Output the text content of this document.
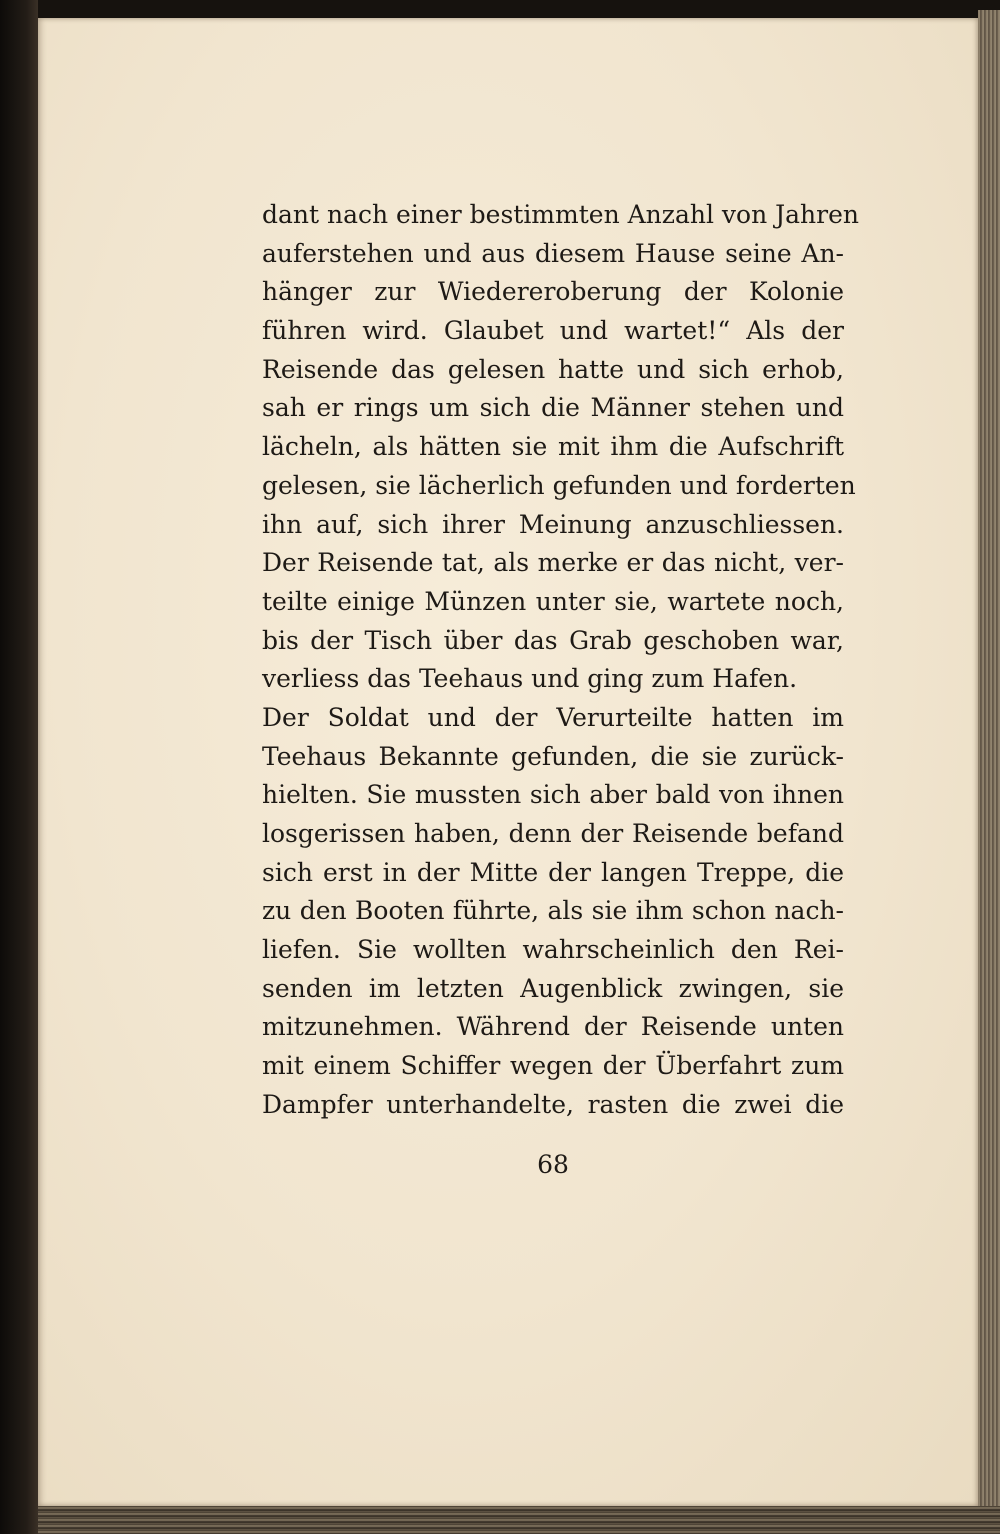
dant nach einer bestimmten Anzahl von Jahren
auferstehen und aus diesem Hause seine An-
hänger zur Wiedereroberung der Kolonie
führen wird. Glaubet und wartet!“ Als der
Reisende das gelesen hatte und sich erhob,
sah er rings um sich die Männer stehen und
lächeln, als hätten sie mit ihm die Aufschrift
gelesen, sie lächerlich gefunden und forderten
ihn auf, sich ihrer Meinung anzuschliessen.
Der Reisende tat, als merke er das nicht, ver-
teilte einige Münzen unter sie, wartete noch,
bis der Tisch über das Grab geschoben war,
verliess das Teehaus und ging zum Hafen.
Der Soldat und der Verurteilte hatten im
Teehaus Bekannte gefunden, die sie zurück-
hielten. Sie mussten sich aber bald von ihnen
losgerissen haben, denn der Reisende befand
sich erst in der Mitte der langen Treppe, die
zu den Booten führte, als sie ihm schon nach-
liefen. Sie wollten wahrscheinlich den Rei-
senden im letzten Augenblick zwingen, sie
mitzunehmen. Während der Reisende unten
mit einem Schiffer wegen der Überfahrt zum
Dampfer unterhandelte, rasten die zwei die
68
